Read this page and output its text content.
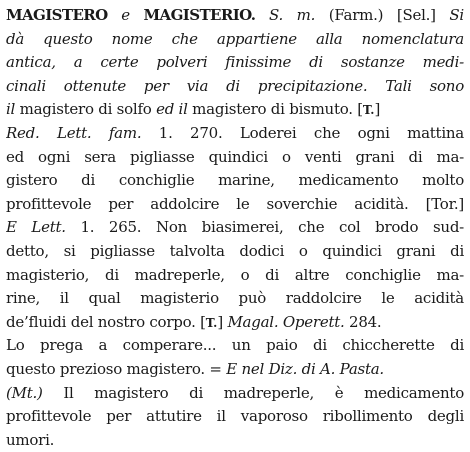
MAGISTERO e MAGISTERIO. S. m. (Farm.) [Sel.] Si
dà questo nome che appartiene alla nomenclatura
antica, a certe polveri finissime di sostanze medi-
cinali ottenute per via di precipitazione. Tali sono
il magistero di solfo ed il magistero di bismuto. [T.]
Red. Lett. fam. 1. 270. Loderei che ogni mattina
ed ogni sera pigliasse quindici o venti grani di ma-
gistero di conchiglie marine, medicamento molto
profittevole per addolcire le soverchie acidità. [Tor.]
E Lett. 1. 265. Non biasimerei, che col brodo sud-
detto, si pigliasse talvolta dodici o quindici grani di
magisterio, di madreperle, o di altre conchiglie ma-
rine, il qual magisterio può raddolcire le acidità
de’fluidi del nostro corpo. [T.] Magal. Operett. 284.
Lo prega a comperare... un paio di chiccherette di
questo prezioso magistero. = E nel Diz. di A. Pasta.
(Mt.) Il magistero di madreperle, è medicamento
profittevole per attutire il vaporoso ribollimento degli
umori.
